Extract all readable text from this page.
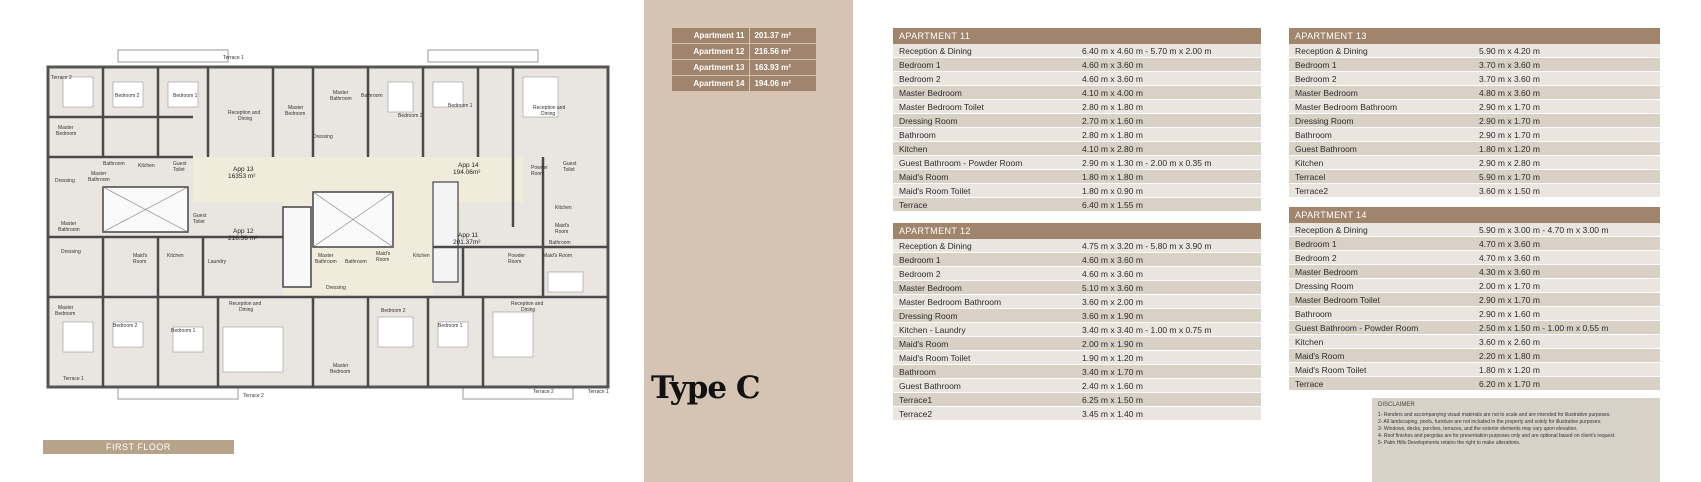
Terrace 2
Terrace 1
Bedroom 2	Bedroom 1
Reception and
Dining
Master
Bedroom
Master
Bathroom Bathroom
Bedroom 2
Bedroom 1	Reception and
Dining
Master
Bedroom	Dressing
Kitchen	Guest
Toilet
Master
Bathroom
Dressing
Bathroom	Guest
Toilet
Powder
Room
Kitchen
Maid's
Room
Master
Bathroom
Dressing
Guest
Toilet
Maid's
Room
Kitchen
Laundry
Master
Bathroom Bathroom
Maid's
Room
Kitchen	Powder
Room
Master
Bedroom
Bedroom 2
Bedroom 1
Reception and
Dining
Dressing
Bedroom 2
Bedroom 1
Reception and
Dining
Terrace 1
Terrace 2
Master
Bedroom
Maid's Room
Bathroom
Terrace 2	Terrace 1
App 13
16353 m²
App 14
194.06m²
App 12
216.56 m²	App 11
201.37m²
FIRST FLOOR
Apartment 11	201.37 m²
Apartment 12	216.56 m²
Apartment 13	163.93 m²
Apartment 14	194.06 m²
Type C
APARTMENT 11
Reception & Dining	6.40 m x 4.60 m - 5.70 m x 2.00 m
Bedroom 1	4.60 m x 3.60 m
Bedroom 2	4.60 m x 3.60 m
Master Bedroom	4.10 m x 4.00 m
Master Bedroom Toilet	2.80 m x 1.80 m
Dressing Room	2.70 m x 1.60 m
Bathroom	2.80 m x 1.80 m
Kitchen	4.10 m x 2.80 m
Guest Bathroom - Powder Room	2.90 m x 1.30 m - 2.00 m x 0.35 m
Maid's Room	1.80 m x 1.80 m
Maid's Room Toilet	1.80 m x 0.90 m
Terrace	6.40 m x 1.55 m
APARTMENT 12
Reception & Dining	4.75 m x 3.20 m - 5.80 m x 3.90 m
Bedroom 1	4.60 m x 3.60 m
Bedroom 2	4.60 m x 3.60 m
Master Bedroom	5.10 m x 3.60 m
Master Bedroom Bathroom	3.60 m x 2.00 m
Dressing Room	3.60 m x 1.90 m
Kitchen - Laundry	3.40 m x 3.40 m - 1.00 m x 0.75 m
Maid's Room	2.00 m x 1.90 m
Maid's Room Toilet	1.90 m x 1.20 m
Bathroom	3.40 m x 1.70 m
Guest Bathroom	2.40 m x 1.60 m
Terrace1	6.25 m x 1.50 m
Terrace2	3.45 m x 1.40 m
APARTMENT 13
Reception & Dining	5.90 m x 4.20 m
Bedroom 1	3.70 m x 3.60 m
Bedroom 2	3.70 m x 3.60 m
Master Bedroom	4.80 m x 3.60 m
Master Bedroom Bathroom	2.90 m x 1.70 m
Dressing Room	2.90 m x 1.70 m
Bathroom	2.90 m x 1.70 m
Guest Bathroom	1.80 m x 1.20 m
Kitchen	2.90 m x 2.80 m
Terracel	5.90 m x 1.70 m
Terrace2	3.60 m x 1.50 m
APARTMENT 14
Reception & Dining	5.90 m x 3.00 m - 4.70 m x 3.00 m
Bedroom 1	4.70 m x 3.60 m
Bedroom 2	4.70 m x 3.60 m
Master Bedroom	4.30 m x 3.60 m
Dressing Room	2.00 m x 1.70 m
Master Bedroom Toilet	2.90 m x 1.70 m
Bathroom	2.90 m x 1.60 m
Guest Bathroom - Powder Room	2.50 m x 1.50 m - 1.00 m x 0.55 m
Kitchen	3.60 m x 2.60 m
Maid's Room	2.20 m x 1.80 m
Maid's Room Toilet	1.80 m x 1.20 m
Terrace	6.20 m x 1.70 m
DISCLAIMER
1- Renders and accompanying visual materials are not to scale and are intended for illustrative purposes.
2- All landscaping, pools, furniture are not included in the property and solely for illustrative purposes.
3- Windows, decks, porches, terraces, and the exterior elements may vary upon elevation.
4- Roof finishes and pergolas are for presentation purposes only and are optional based on client's request.
5- Palm Hills Developments retains the right to make alterations.
